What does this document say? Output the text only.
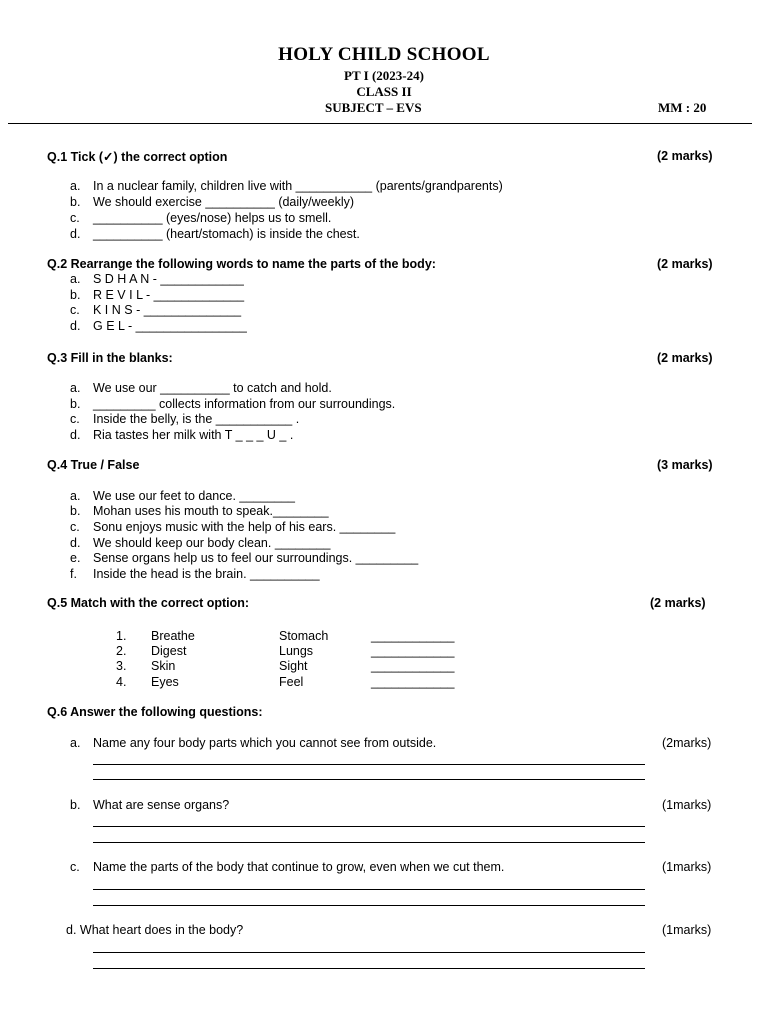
HOLY CHILD SCHOOL
PT I (2023-24)
CLASS II
SUBJECT – EVS	MM : 20
Q.1 Tick (✓) the correct option	(2 marks)
a. In a nuclear family, children live with ___________ (parents/grandparents)
b. We should exercise __________ (daily/weekly)
c. __________ (eyes/nose) helps us to smell.
d. __________ (heart/stomach) is inside the chest.
Q.2 Rearrange the following words to name the parts of the body:	(2 marks)
a. S D H A N - ____________
b. R E V I L - _____________
c. K I N S - ______________
d. G E L - ________________
Q.3 Fill in the blanks:	(2 marks)
a. We use our __________ to catch and hold.
b. _________ collects information from our surroundings.
c. Inside the belly, is the ___________ .
d. Ria tastes her milk with T _ _ _ U _ .
Q.4 True / False	(3 marks)
a. We use our feet to dance. ________
b. Mohan uses his mouth to speak.________
c. Sonu enjoys music with the help of his ears. ________
d. We should keep our body clean. ________
e. Sense organs help us to feel our surroundings. _________
f. Inside the head is the brain. __________
Q.5 Match with the correct option:	(2 marks)
1. Breathe	Stomach	____________
2. Digest	Lungs	____________
3. Skin	Sight	____________
4. Eyes	Feel	____________
Q.6 Answer the following questions:
a. Name any four body parts which you cannot see from outside.	(2marks)
b. What are sense organs?	(1marks)
c. Name the parts of the body that continue to grow, even when we cut them.	(1marks)
d. What heart does in the body?	(1marks)
